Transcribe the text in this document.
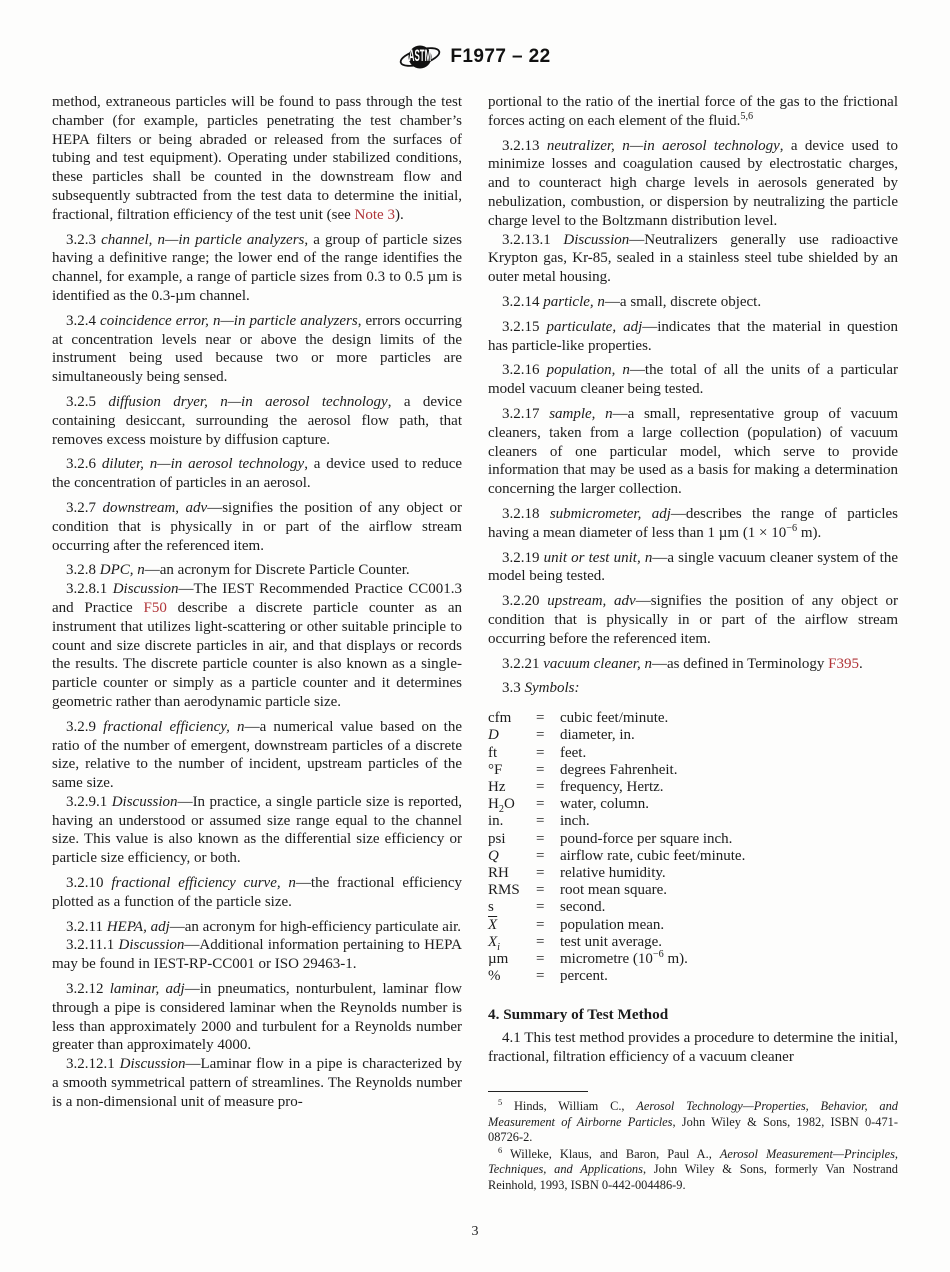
ASTM F1977 – 22

method, extraneous particles will be found to pass through the test chamber (for example, particles penetrating the test chamber’s HEPA filters or being abraded or released from the surfaces of tubing and test equipment). Operating under stabilized conditions, these particles shall be counted in the downstream flow and subsequently subtracted from the test data to determine the initial, fractional, filtration efficiency of the test unit (see Note 3).

3.2.3 channel, n—in particle analyzers, a group of particle sizes having a definitive range; the lower end of the range identifies the channel, for example, a range of particle sizes from 0.3 to 0.5 µm is identified as the 0.3-µm channel.

3.2.4 coincidence error, n—in particle analyzers, errors occurring at concentration levels near or above the design limits of the instrument being used because two or more particles are simultaneously being sensed.

3.2.5 diffusion dryer, n—in aerosol technology, a device containing desiccant, surrounding the aerosol flow path, that removes excess moisture by diffusion capture.

3.2.6 diluter, n—in aerosol technology, a device used to reduce the concentration of particles in an aerosol.

3.2.7 downstream, adv—signifies the position of any object or condition that is physically in or part of the airflow stream occurring after the referenced item.

3.2.8 DPC, n—an acronym for Discrete Particle Counter.

3.2.8.1 Discussion—The IEST Recommended Practice CC001.3 and Practice F50 describe a discrete particle counter as an instrument that utilizes light-scattering or other suitable principle to count and size discrete particles in air, and that displays or records the results. The discrete particle counter is also known as a single-particle counter or simply as a particle counter and it determines geometric rather than aerodynamic particle size.

3.2.9 fractional efficiency, n—a numerical value based on the ratio of the number of emergent, downstream particles of a discrete size, relative to the number of incident, upstream particles of the same size.

3.2.9.1 Discussion—In practice, a single particle size is reported, having an understood or assumed size range equal to the channel size. This value is also known as the differential size efficiency or particle size efficiency, or both.

3.2.10 fractional efficiency curve, n—the fractional efficiency plotted as a function of the particle size.

3.2.11 HEPA, adj—an acronym for high-efficiency particulate air.

3.2.11.1 Discussion—Additional information pertaining to HEPA may be found in IEST-RP-CC001 or ISO 29463-1.

3.2.12 laminar, adj—in pneumatics, nonturbulent, laminar flow through a pipe is considered laminar when the Reynolds number is less than approximately 2000 and turbulent for a Reynolds number greater than approximately 4000.

3.2.12.1 Discussion—Laminar flow in a pipe is characterized by a smooth symmetrical pattern of streamlines. The Reynolds number is a non-dimensional unit of measure pro-

portional to the ratio of the inertial force of the gas to the frictional forces acting on each element of the fluid.$^{5,6}$

3.2.13 neutralizer, n—in aerosol technology, a device used to minimize losses and coagulation caused by electrostatic charges, and to counteract high charge levels in aerosols generated by nebulization, combustion, or dispersion by neutralizing the particle charge level to the Boltzmann distribution level.

3.2.13.1 Discussion—Neutralizers generally use radioactive Krypton gas, Kr-85, sealed in a stainless steel tube shielded by an outer metal housing.

3.2.14 particle, n—a small, discrete object.

3.2.15 particulate, adj—indicates that the material in question has particle-like properties.

3.2.16 population, n—the total of all the units of a particular model vacuum cleaner being tested.

3.2.17 sample, n—a small, representative group of vacuum cleaners, taken from a large collection (population) of vacuum cleaners of one particular model, which serve to provide information that may be used as a basis for making a determination concerning the larger collection.

3.2.18 submicrometer, adj—describes the range of particles having a mean diameter of less than 1 µm ($1 \times 10^{-6}$ m).

3.2.19 unit or test unit, n—a single vacuum cleaner system of the model being tested.

3.2.20 upstream, adv—signifies the position of any object or condition that is physically in or part of the airflow stream occurring before the referenced item.

3.2.21 vacuum cleaner, n—as defined in Terminology F395.

3.3 Symbols:

cfm	=	cubic feet/minute.
D	=	diameter, in.
ft	=	feet.
°F	=	degrees Fahrenheit.
Hz	=	frequency, Hertz.
$H_2O$	=	water, column.
in.	=	inch.
psi	=	pound-force per square inch.
Q	=	airflow rate, cubic feet/minute.
RH	=	relative humidity.
RMS	=	root mean square.
s	=	second.
$\overline{X}$	=	population mean.
$X_i$	=	test unit average.
µm	=	micrometre ($10^{-6}$ m).
%	=	percent.

4. Summary of Test Method

4.1 This test method provides a procedure to determine the initial, fractional, filtration efficiency of a vacuum cleaner

$^5$ Hinds, William C., Aerosol Technology—Properties, Behavior, and Measurement of Airborne Particles, John Wiley & Sons, 1982, ISBN 0-471-08726-2.

$^6$ Willeke, Klaus, and Baron, Paul A., Aerosol Measurement—Principles, Techniques, and Applications, John Wiley & Sons, formerly Van Nostrand Reinhold, 1993, ISBN 0-442-004486-9.

3
